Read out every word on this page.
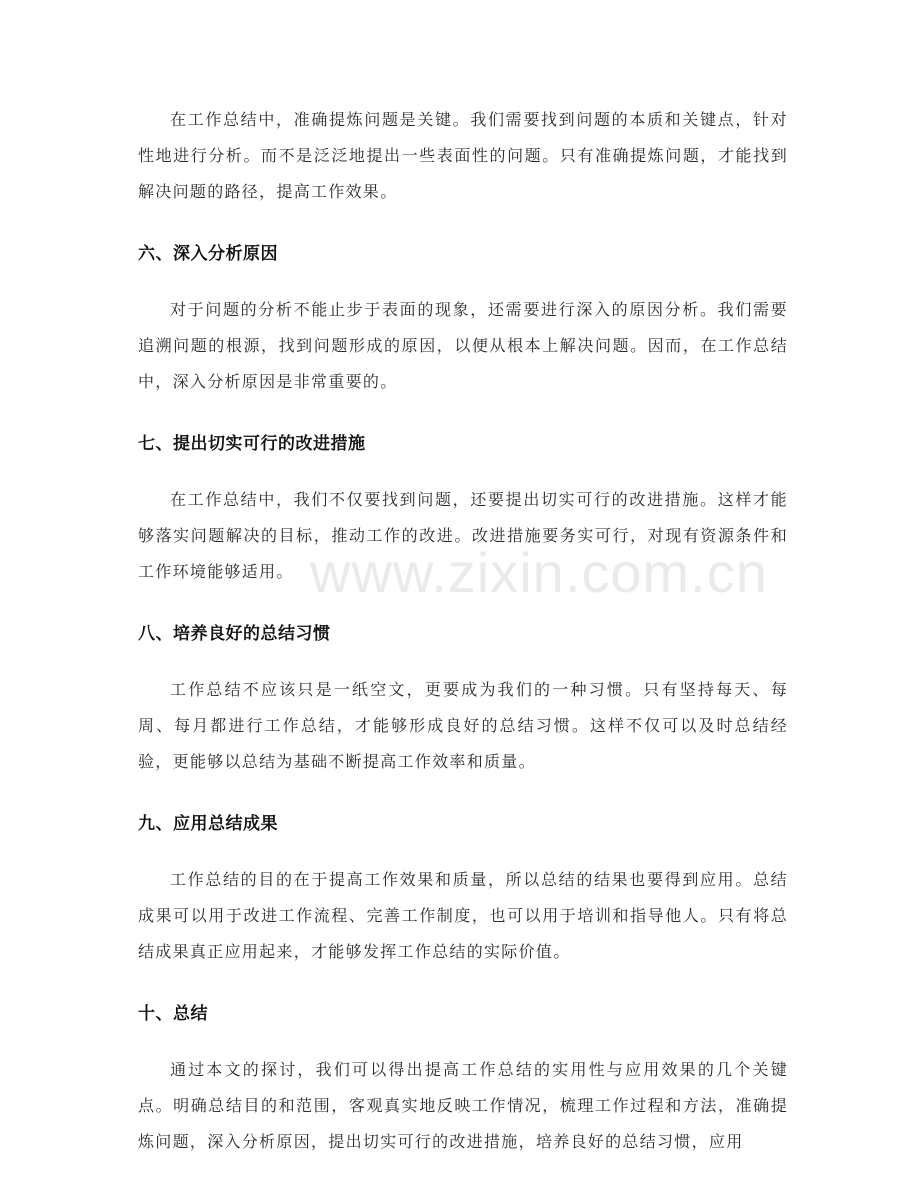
在工作总结中，准确提炼问题是关键。我们需要找到问题的本质和关键点，针对性地进行分析。而不是泛泛地提出一些表面性的问题。只有准确提炼问题，才能找到解决问题的路径，提高工作效果。

六、深入分析原因

对于问题的分析不能止步于表面的现象，还需要进行深入的原因分析。我们需要追溯问题的根源，找到问题形成的原因，以便从根本上解决问题。因而，在工作总结中，深入分析原因是非常重要的。

七、提出切实可行的改进措施

在工作总结中，我们不仅要找到问题，还要提出切实可行的改进措施。这样才能够落实问题解决的目标，推动工作的改进。改进措施要务实可行，对现有资源条件和工作环境能够适用。

八、培养良好的总结习惯

工作总结不应该只是一纸空文，更要成为我们的一种习惯。只有坚持每天、每周、每月都进行工作总结，才能够形成良好的总结习惯。这样不仅可以及时总结经验，更能够以总结为基础不断提高工作效率和质量。

九、应用总结成果

工作总结的目的在于提高工作效果和质量，所以总结的结果也要得到应用。总结成果可以用于改进工作流程、完善工作制度，也可以用于培训和指导他人。只有将总结成果真正应用起来，才能够发挥工作总结的实际价值。

十、总结

通过本文的探讨，我们可以得出提高工作总结的实用性与应用效果的几个关键点。明确总结目的和范围，客观真实地反映工作情况，梳理工作过程和方法，准确提炼问题，深入分析原因，提出切实可行的改进措施，培养良好的总结习惯，应用

www.zixin.com.cn
